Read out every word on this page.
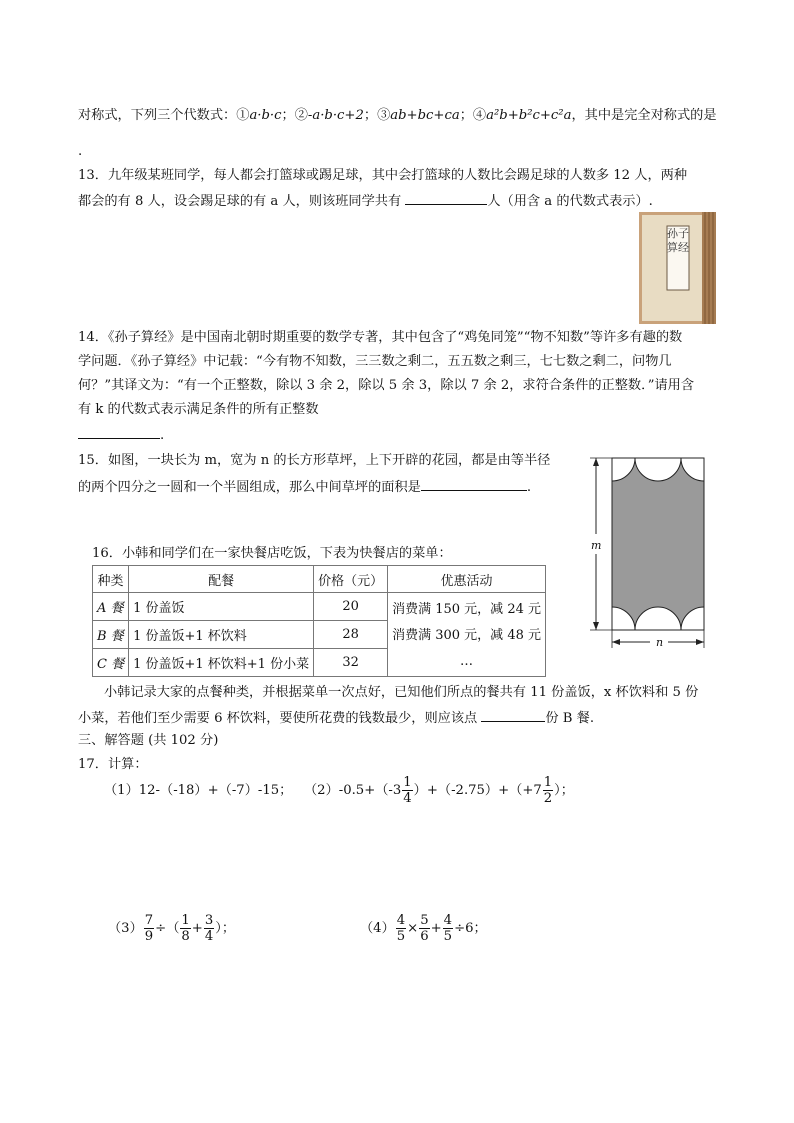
对称式，下列三个代数式：①a·b·c；②-a·b·c+2；③ab+bc+ca；④a²b+b²c+c²a，其中是完全对称式的是
.
13．九年级某班同学，每人都会打篮球或踢足球，其中会打篮球的人数比会踢足球的人数多 12 人，两种
都会的有 8 人，设会踢足球的有 a 人，则该班同学共有	人（用含 a 的代数式表示）.
孙子算经
14．《孙子算经》是中国南北朝时期重要的数学专著，其中包含了“鸡兔同笼”“物不知数”等许多有趣的数
学问题．《孙子算经》中记载：“今有物不知数，三三数之剩二，五五数之剩三，七七数之剩二，问物几
何？”其译文为：“有一个正整数，除以 3 余 2，除以 5 余 3，除以 7 余 2，求符合条件的正整数．”请用含
有 k 的代数式表示满足条件的所有正整数
.
15．如图，一块长为 m，宽为 n 的长方形草坪，上下开辟的花园，都是由等半径
的两个四分之一圆和一个半圆组成，那么中间草坪的面积是	.
m
n
16．小韩和同学们在一家快餐店吃饭，下表为快餐店的菜单：
种类	配餐	价格（元）	优惠活动
A 餐	1 份盖饭	20	消费满 150 元，减 24 元
消费满 300 元，减 48 元
…

B 餐	1 份盖饭+1 杯饮料	28	
C 餐	1 份盖饭+1 杯饮料+1 份小菜	32	
小韩记录大家的点餐种类，并根据菜单一次点好，已知他们所点的餐共有 11 份盖饭，x 杯饮料和 5 份
小菜，若他们至少需要 6 杯饮料，要使所花费的钱数最少，则应该点	份 B 餐.
三、解答题 (共 102 分)
17．计算：
（1）12-（-18）+（-7）-15； $(2)-0.5+(-3 \frac{1}{4} )+(-2.75)+(+7 \frac{1}{2}$ ）；
$(3) \frac{7}{9}$ ÷（ $\frac{1}{8} + \frac{3}{4}$ ）；	$(4) \frac{4}{5} \times \frac{5}{6} + \frac{4}{5} \div 6$；
